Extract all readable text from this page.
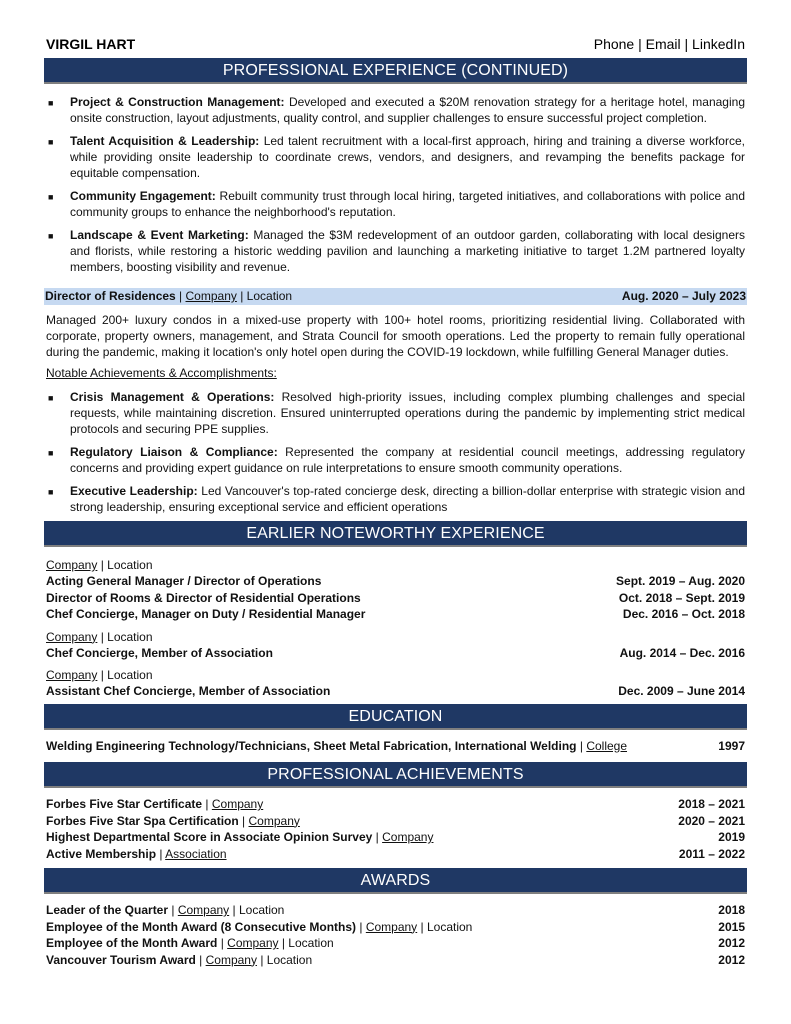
VIRGIL HART	Phone | Email | LinkedIn
PROFESSIONAL EXPERIENCE (CONTINUED)
■ Project & Construction Management: Developed and executed a $20M renovation strategy for a heritage hotel, managing onsite construction, layout adjustments, quality control, and supplier challenges to ensure successful project completion.
■ Talent Acquisition & Leadership: Led talent recruitment with a local-first approach, hiring and training a diverse workforce, while providing onsite leadership to coordinate crews, vendors, and designers, and revamping the benefits package for equitable compensation.
■ Community Engagement: Rebuilt community trust through local hiring, targeted initiatives, and collaborations with police and community groups to enhance the neighborhood's reputation.
■ Landscape & Event Marketing: Managed the $3M redevelopment of an outdoor garden, collaborating with local designers and florists, while restoring a historic wedding pavilion and launching a marketing initiative to target 1.2M partnered loyalty members, boosting visibility and revenue.
Director of Residences | Company | Location	Aug. 2020 – July 2023

Managed 200+ luxury condos in a mixed-use property with 100+ hotel rooms, prioritizing residential living. Collaborated with corporate, property owners, management, and Strata Council for smooth operations. Led the property to remain fully operational during the pandemic, making it location's only hotel open during the COVID-19 lockdown, while fulfilling General Manager duties.

Notable Achievements & Accomplishments:

■ Crisis Management & Operations: Resolved high-priority issues, including complex plumbing challenges and special requests, while maintaining discretion. Ensured uninterrupted operations during the pandemic by implementing strict medical protocols and securing PPE supplies.
■ Regulatory Liaison & Compliance: Represented the company at residential council meetings, addressing regulatory concerns and providing expert guidance on rule interpretations to ensure smooth community operations.
■ Executive Leadership: Led Vancouver's top-rated concierge desk, directing a billion-dollar enterprise with strategic vision and strong leadership, ensuring exceptional service and efficient operations
EARLIER NOTEWORTHY EXPERIENCE
Company | Location
Acting General Manager / Director of Operations	Sept. 2019 – Aug. 2020
Director of Rooms & Director of Residential Operations	Oct. 2018 – Sept. 2019
Chef Concierge, Manager on Duty / Residential Manager	Dec. 2016 – Oct. 2018
Company | Location
Chef Concierge, Member of Association	Aug. 2014 – Dec. 2016
Company | Location
Assistant Chef Concierge, Member of Association	Dec. 2009 – June 2014
EDUCATION
Welding Engineering Technology/Technicians, Sheet Metal Fabrication, International Welding | College	1997
PROFESSIONAL ACHIEVEMENTS
Forbes Five Star Certificate | Company	2018 – 2021
Forbes Five Star Spa Certification | Company	2020 – 2021
Highest Departmental Score in Associate Opinion Survey | Company	2019
Active Membership | Association	2011 – 2022
AWARDS
Leader of the Quarter | Company | Location	2018
Employee of the Month Award (8 Consecutive Months) | Company | Location	2015
Employee of the Month Award | Company | Location	2012
Vancouver Tourism Award | Company | Location	2012
